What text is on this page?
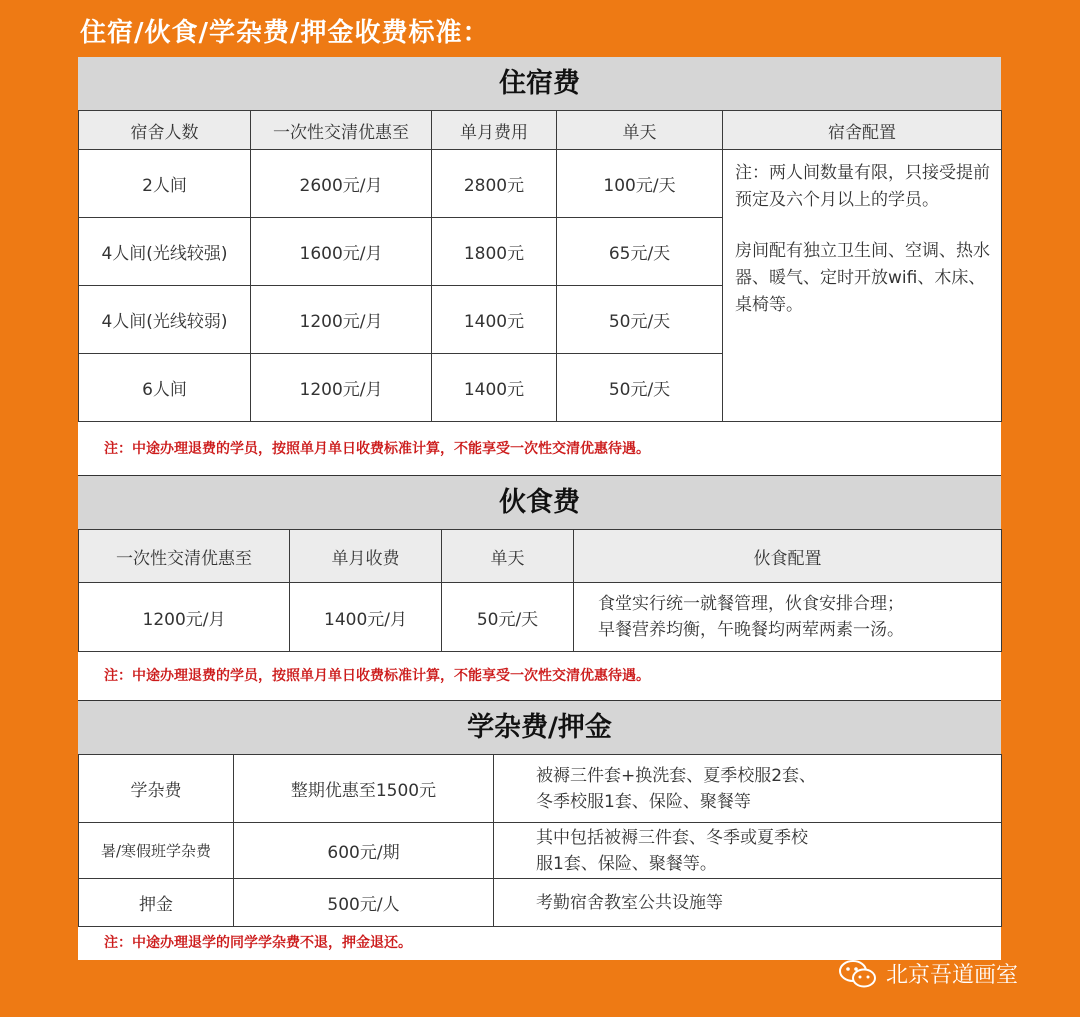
住宿/伙食/学杂费/押金收费标准：
住宿费
宿舍人数	一次性交清优惠至	单月费用	单天	宿舍配置
2人间	2600元/月	2800元	100元/天	注：两人间数量有限，只接受提前预定及六个月以上的学员。

房间配有独立卫生间、空调、热水器、暖气、定时开放wifi、木床、桌椅等。

4人间(光线较强)	1600元/月	1800元	65元/天	
4人间(光线较弱)	1200元/月	1400元	50元/天	
6人间	1200元/月	1400元	50元/天	
注：中途办理退费的学员，按照单月单日收费标准计算，不能享受一次性交清优惠待遇。
伙食费
一次性交清优惠至	单月收费	单天	伙食配置
1200元/月	1400元/月	50元/天	食堂实行统一就餐管理，伙食安排合理；
早餐营养均衡，午晚餐均两荤两素一汤。
注：中途办理退费的学员，按照单月单日收费标准计算，不能享受一次性交清优惠待遇。
学杂费/押金
学杂费	整期优惠至1500元	被褥三件套+换洗套、夏季校服2套、
冬季校服1套、保险、聚餐等

暑/寒假班学杂费	600元/期	其中包括被褥三件套、冬季或夏季校
服1套、保险、聚餐等。

押金	500元/人	考勤宿舍教室公共设施等
注：中途办理退学的同学学杂费不退，押金退还。
北京吾道画室
